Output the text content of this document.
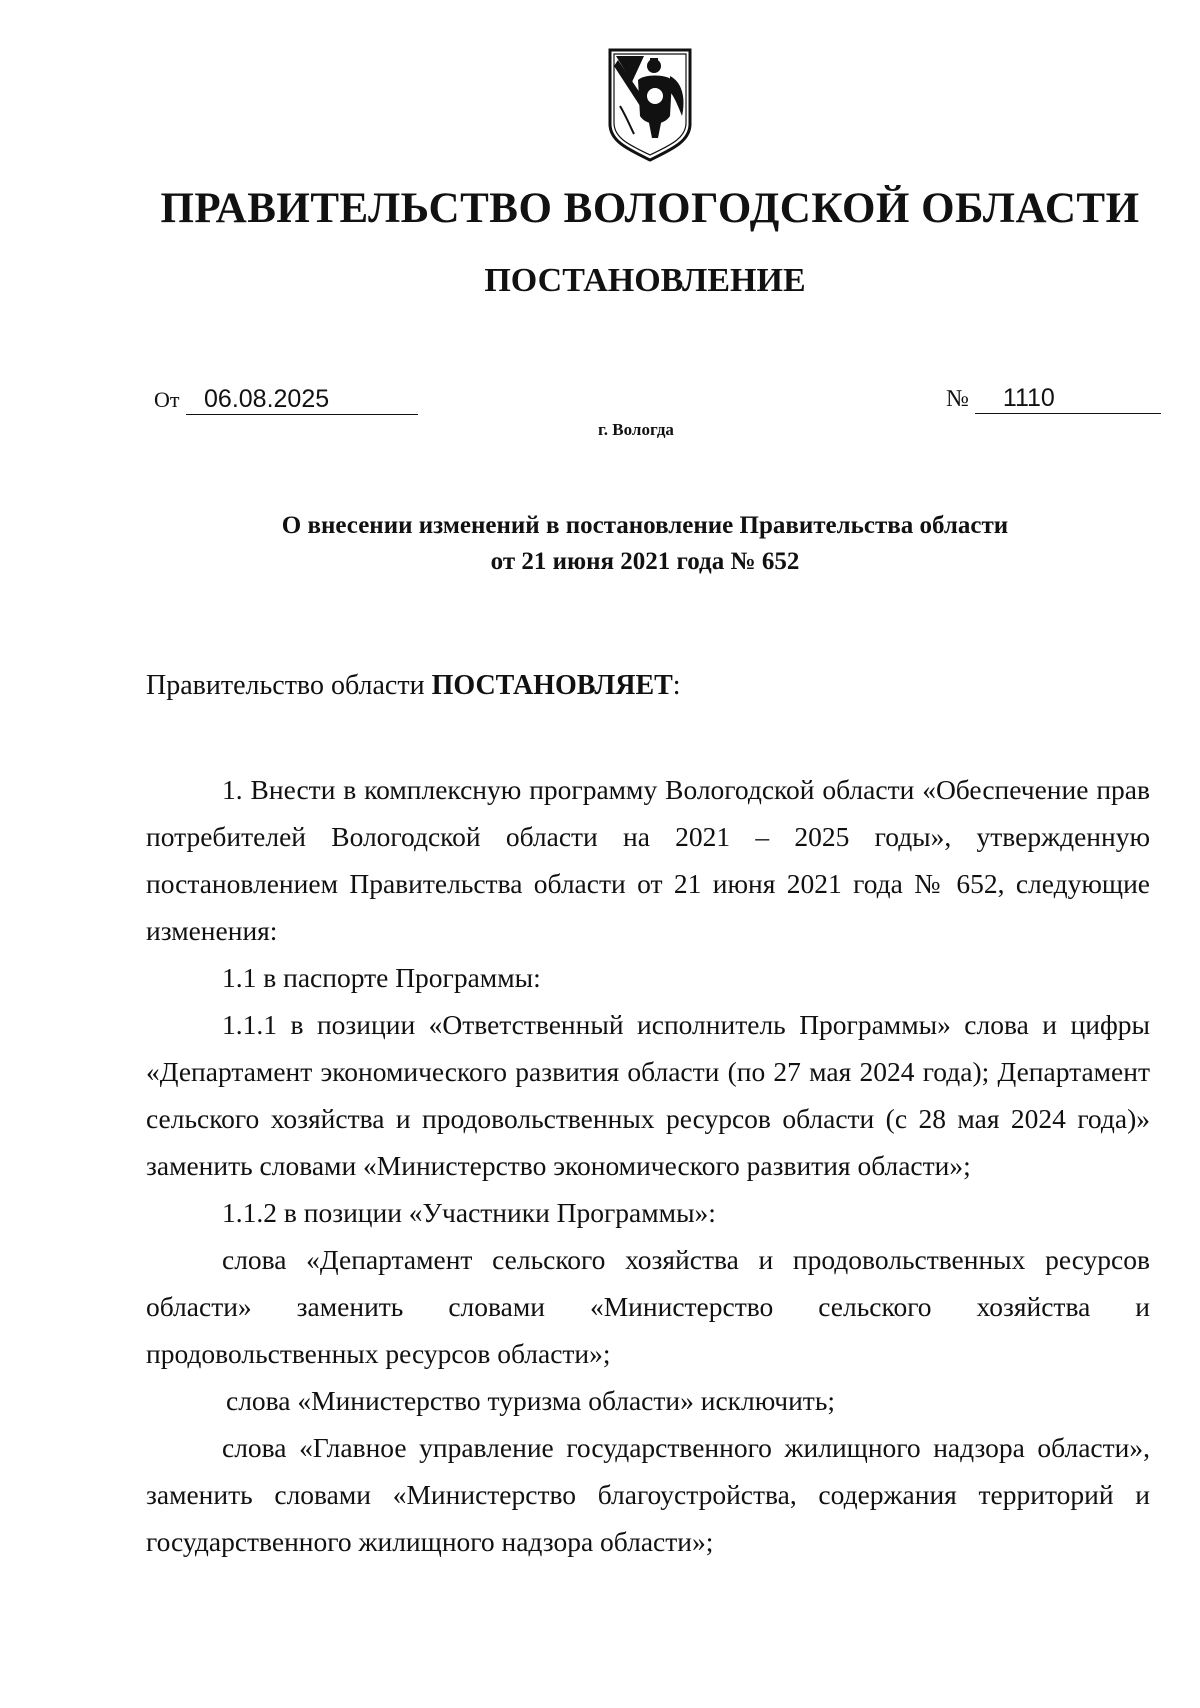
ПРАВИТЕЛЬСТВО ВОЛОГОДСКОЙ ОБЛАСТИ
ПОСТАНОВЛЕНИЕ
От 06.08.2025	№ 1110
г. Вологда
О внесении изменений в постановление Правительства области
от 21 июня 2021 года № 652
Правительство области ПОСТАНОВЛЯЕТ:

1. Внести в комплексную программу Вологодской области «Обеспечение прав потребителей Вологодской области на 2021 – 2025 годы», утвержденную постановлением Правительства области от 21 июня 2021 года № 652, следующие изменения:

1.1 в паспорте Программы:

1.1.1 в позиции «Ответственный исполнитель Программы» слова и цифры «Департамент экономического развития области (по 27 мая 2024 года); Департамент сельского хозяйства и продовольственных ресурсов области (с 28 мая 2024 года)» заменить словами «Министерство экономического развития области»;

1.1.2 в позиции «Участники Программы»:

слова «Департамент сельского хозяйства и продовольственных ресурсов области» заменить словами «Министерство сельского хозяйства и продовольственных ресурсов области»;

слова «Министерство туризма области» исключить;

слова «Главное управление государственного жилищного надзора области», заменить словами «Министерство благоустройства, содержания территорий и государственного жилищного надзора области»;
